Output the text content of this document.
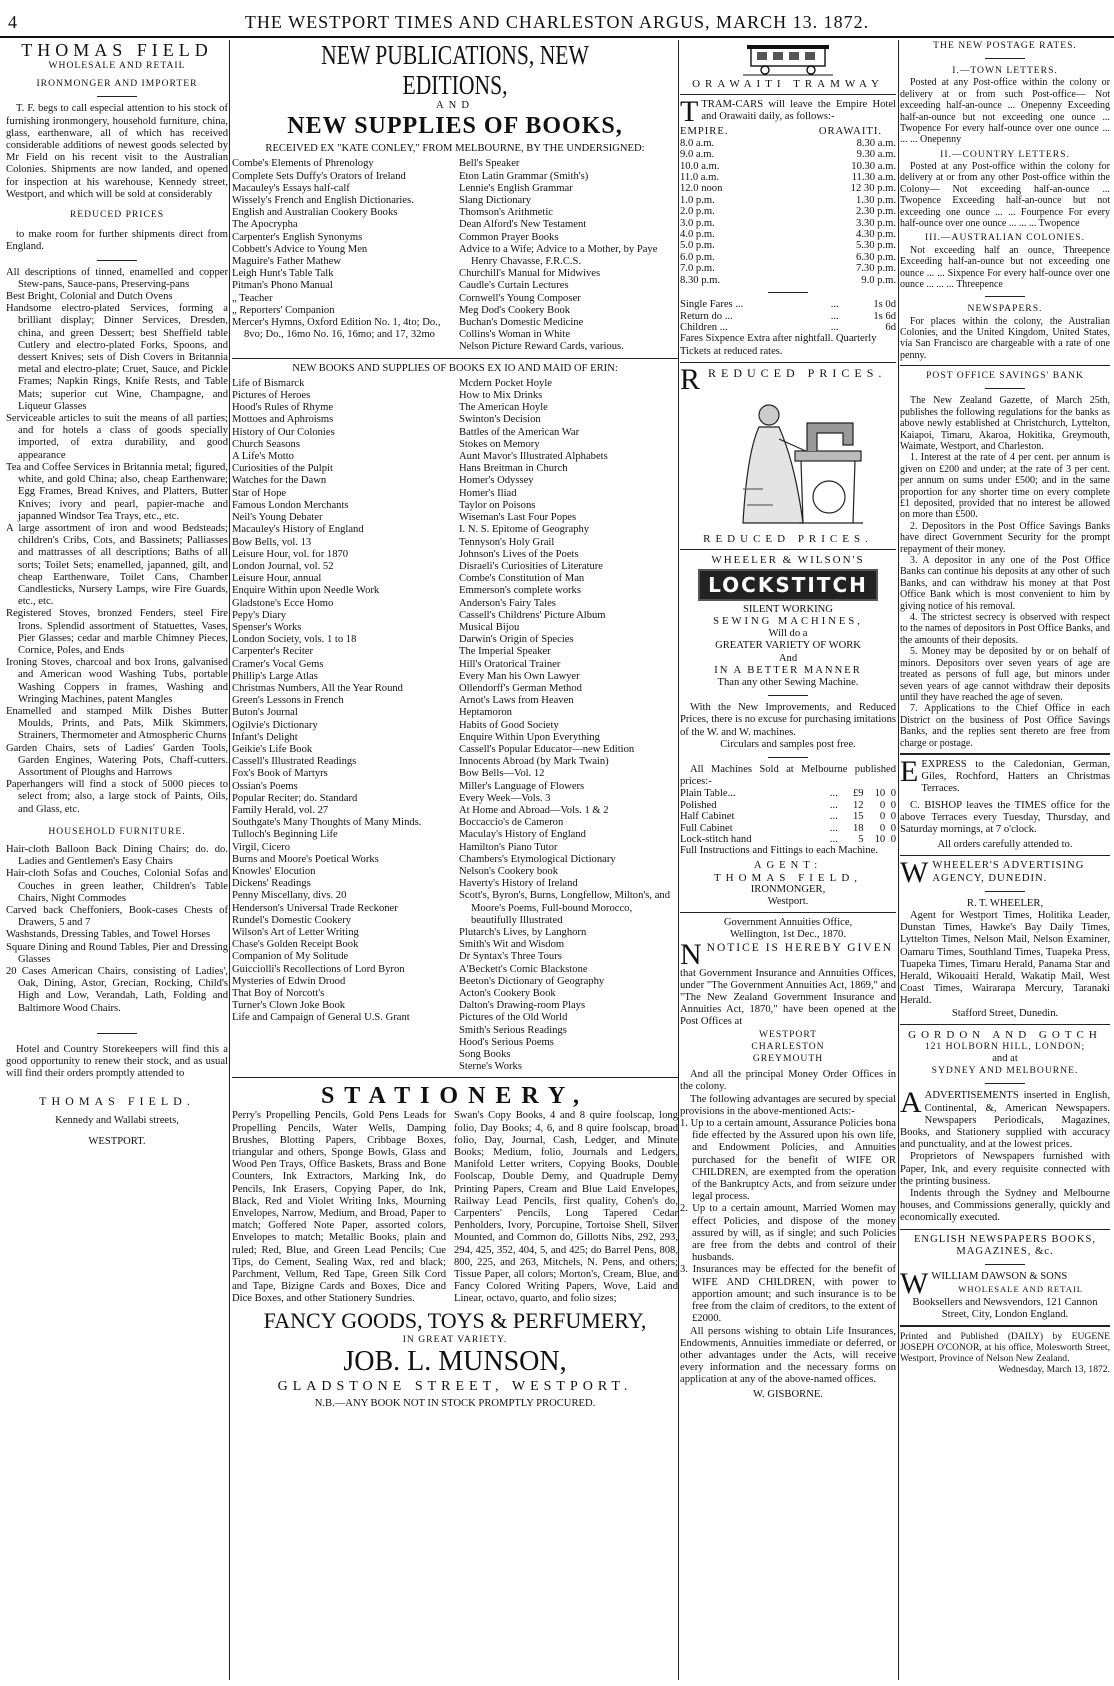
4	THE WESTPORT TIMES AND CHARLESTON ARGUS, MARCH 13. 1872.

THOMAS FIELD

WHOLESALE AND RETAIL

IRONMONGER AND IMPORTER

T. F. begs to call especial attention to his stock of furnishing ironmongery, household furniture, china, glass, earthenware, all of which has received considerable additions of newest goods selected by Mr Field on his recent visit to the Australian Colonies. Shipments are now landed, and opened for inspection at his warehouse, Kennedy street, Westport, and which will be sold at considerably

REDUCED PRICES

to make room for further shipments direct from England.

All descriptions of tinned, enamelled and copper Stew-pans, Sauce-pans, Preserving-pans

Best Bright, Colonial and Dutch Ovens

Handsome electro-plated Services, forming a brilliant display; Dinner Services, Dresden, china, and green Dessert; best Sheffield table Cutlery and electro-plated Forks, Spoons, and dessert Knives; sets of Dish Covers in Britannia metal and electro-plate; Cruet, Sauce, and Pickle Frames; Napkin Rings, Knife Rests, and Table Mats; superior cut Wine, Champagne, and Liqueur Glasses

Serviceable articles to suit the means of all parties; and for hotels a class of goods specially imported, of extra durability, and good appearance

Tea and Coffee Services in Britannia metal; figured, white, and gold China; also, cheap Earthenware; Egg Frames, Bread Knives, and Platters, Butter Knives; ivory and pearl, papier-mache and japanned Windsor Tea Trays, etc., etc.

A large assortment of iron and wood Bedsteads; children's Cribs, Cots, and Bassinets; Palliasses and mattrasses of all descriptions; Baths of all sorts; Toilet Sets; enamelled, japanned, gilt, and cheap Earthenware, Toilet Cans, Chamber Candlesticks, Nursery Lamps, wire Fire Guards, etc., etc.

Registered Stoves, bronzed Fenders, steel Fire Irons. Splendid assortment of Statuettes, Vases, Pier Glasses; cedar and marble Chimney Pieces, Cornice, Poles, and Ends

Ironing Stoves, charcoal and box Irons, galvanised and American wood Washing Tubs, portable Washing Coppers in frames, Washing and Wringing Machines, patent Mangles

Enamelled and stamped Milk Dishes Butter Moulds, Prints, and Pats, Milk Skimmers, Strainers, Thermometer and Atmospheric Churns

Garden Chairs, sets of Ladies' Garden Tools, Garden Engines, Watering Pots, Chaff-cutters. Assortment of Ploughs and Harrows

Paperhangers will find a stock of 5000 pieces to select from; also, a large stock of Paints, Oils, and Glass, etc.

HOUSEHOLD FURNITURE.

Hair-cloth Balloon Back Dining Chairs; do. do. Ladies and Gentlemen's Easy Chairs

Hair-cloth Sofas and Couches, Colonial Sofas and Couches in green leather, Children's Table Chairs, Night Commodes

Carved back Cheffoniers, Book-cases Chests of Drawers, 5 and 7

Washstands, Dressing Tables, and Towel Horses

Square Dining and Round Tables, Pier and Dressing Glasses

20 Cases American Chairs, consisting of Ladies', Oak, Dining, Astor, Grecian, Rocking, Child's High and Low, Verandah, Lath, Folding and Baltimore Wood Chairs.

Hotel and Country Storekeepers will find this a good opportunity to renew their stock, and as usual will find their orders promptly attended to

THOMAS FIELD.

Kennedy and Wallabi streets,

WESTPORT.

NEW PUBLICATIONS, NEW EDITIONS,

AND

NEW SUPPLIES OF BOOKS,

RECEIVED EX "KATE CONLEY," FROM MELBOURNE, BY THE UNDERSIGNED:

Combe's Elements of Phrenology

Complete Sets Duffy's Orators of Ireland

Macauley's Essays half-calf

Wissely's French and English Dictionaries.

English and Australian Cookery Books

The Apocrypha

Carpenter's English Synonyms

Cobbett's Advice to Young Men

Maguire's Father Mathew

Leigh Hunt's Table Talk

Pitman's Phono Manual

„ Teacher

„ Reporters' Companion

Mercer's Hymns, Oxford Edition No. 1, 4to; Do., 8vo; Do., 16mo No. 16, 16mo; and 17, 32mo

Bell's Speaker

Eton Latin Grammar (Smith's)

Lennie's English Grammar

Slang Dictionary

Thomson's Arithmetic

Dean Alford's New Testament

Common Prayer Books

Advice to a Wife; Advice to a Mother, by Paye Henry Chavasse, F.R.C.S.

Churchill's Manual for Midwives

Caudle's Curtain Lectures

Cornwell's Young Composer

Meg Dod's Cookery Book

Buchan's Domestic Medicine

Collins's Woman in White

Nelson Picture Reward Cards, various.

NEW BOOKS AND SUPPLIES OF BOOKS EX IO AND MAID OF ERIN:

Life of Bismarck

Pictures of Heroes

Hood's Rules of Rhyme

Mottoes and Aphroisms

History of Our Colonies

Church Seasons

A Life's Motto

Curiosities of the Pulpit

Watches for the Dawn

Star of Hope

Famous London Merchants

Neil's Young Debater

Macauley's History of England

Bow Bells, vol. 13

Leisure Hour, vol. for 1870

London Journal, vol. 52

Leisure Hour, annual

Enquire Within upon Needle Work

Gladstone's Ecce Homo

Pepy's Diary

Spenser's Works

London Society, vols. 1 to 18

Carpenter's Reciter

Cramer's Vocal Gems

Phillip's Large Atlas

Christmas Numbers, All the Year Round

Green's Lessons in French

Buton's Journal

Ogilvie's Dictionary

Infant's Delight

Geikie's Life Book

Cassell's Illustrated Readings

Fox's Book of Martyrs

Ossian's Poems

Popular Reciter; do. Standard

Family Herald, vol. 27

Southgate's Many Thoughts of Many Minds.

Tulloch's Beginning Life

Virgil, Cicero

Burns and Moore's Poetical Works

Knowles' Elocution

Dickens' Readings

Penny Miscellany, divs. 20

Henderson's Universal Trade Reckoner

Rundel's Domestic Cookery

Wilson's Art of Letter Writing

Chase's Golden Receipt Book

Companion of My Solitude

Guicciolli's Recollections of Lord Byron

Mysteries of Edwin Drood

That Boy of Norcott's

Turner's Clown Joke Book

Life and Campaign of General U.S. Grant

Mcdern Pocket Hoyle

How to Mix Drinks

The American Hoyle

Swinton's Decision

Battles of the American War

Stokes on Memory

Aunt Mavor's Illustrated Alphabets

Hans Breitman in Church

Homer's Odyssey

Homer's Iliad

Taylor on Poisons

Wiseman's Last Four Popes

I. N. S. Epitome of Geography

Tennyson's Holy Grail

Johnson's Lives of the Poets

Disraeli's Curiosities of Literature

Combe's Constitution of Man

Emmerson's complete works

Anderson's Fairy Tales

Cassell's Childrens' Picture Album

Musical Bijou

Darwin's Origin of Species

The Imperial Speaker

Hill's Oratorical Trainer

Every Man his Own Lawyer

Ollendorff's German Method

Arnot's Laws from Heaven

Heptamoron

Habits of Good Society

Enquire Within Upon Everything

Cassell's Popular Educator—new Edition

Innocents Abroad (by Mark Twain)

Bow Bells—Vol. 12

Miller's Language of Flowers

Every Week—Vols. 3

At Home and Abroad—Vols. 1 & 2

Boccaccio's de Cameron

Maculay's History of England

Hamilton's Piano Tutor

Chambers's Etymological Dictionary

Nelson's Cookery book

Haverty's History of Ireland

Scott's, Byron's, Burns, Longfellow, Milton's, and Moore's Poems, Full-bound Morocco, beautifully Illustrated

Plutarch's Lives, by Langhorn

Smith's Wit and Wisdom

Dr Syntax's Three Tours

A'Beckett's Comic Blackstone

Beeton's Dictionary of Geography

Acton's Cookery Book

Dalton's Drawing-room Plays

Pictures of the Old World

Smith's Serious Readings

Hood's Serious Poems

Song Books

Sterne's Works

STATIONERY,

Perry's Propelling Pencils, Gold Pens Leads for Propelling Pencils, Water Wells, Damping Brushes, Blotting Papers, Cribbage Boxes, triangular and others, Sponge Bowls, Glass and Wood Pen Trays, Office Baskets, Brass and Bone Counters, Ink Extractors, Marking Ink, do Pencils, Ink Erasers, Copying Paper, do Ink, Black, Red and Violet Writing Inks, Mourning Envelopes, Narrow, Medium, and Broad, Paper to match; Goffered Note Paper, assorted colors, Envelopes to match; Metallic Books, plain and ruled; Red, Blue, and Green Lead Pencils; Cue Tips, do Cement, Sealing Wax, red and black; Parchment, Vellum, Red Tape, Green Silk Cord and Tape, Bizigne Cards and Boxes, Dice and Dice Boxes, and other Stationery Sundries.

Swan's Copy Books, 4 and 8 quire foolscap, long folio, Day Books; 4, 6, and 8 quire foolscap, broad folio, Day, Journal, Cash, Ledger, and Minute Books; Medium, folio, Journals and Ledgers, Manifold Letter writers, Copying Books, Double Foolscap, Double Demy, and Quadruple Demy Printing Papers, Cream and Blue Laid Envelopes, Railway Lead Pencils, first quality, Cohen's do, Carpenters' Pencils, Long Tapered Cedar Penholders, Ivory, Porcupine, Tortoise Shell, Silver Mounted, and Common do, Gillotts Nibs, 292, 293, 294, 425, 352, 404, 5, and 425; do Barrel Pens, 808, 800, 225, and 263, Mitchels, N. Pens, and others; Tissue Paper, all colors; Morton's, Cream, Blue, and Fancy Colored Writing Papers, Wove, Laid and Linear, octavo, quarto, and folio sizes;

FANCY GOODS, TOYS & PERFUMERY,

IN GREAT VARIETY.

JOB. L. MUNSON,

GLADSTONE STREET, WESTPORT.

N.B.—ANY BOOK NOT IN STOCK PROMPTLY PROCURED.

ORAWAITI TRAMWAY

TTRAM-CARS will leave the Empire Hotel and Orawaiti daily, as follows:-

EMPIRE.	ORAWAITI.
8.0 a.m.	8.30 a.m.
9.0 a.m.	9.30 a.m.
10.0 a.m.	10.30 a.m.
11.0 a.m.	11.30 a.m.
12.0 noon	12 30 p.m.
1.0 p.m.	1.30 p.m.
2.0 p.m.	2.30 p.m.
3.0 p.m.	3.30 p.m.
4.0 p.m.	4.30 p.m.
5.0 p.m.	5.30 p.m.
6.0 p.m.	6.30 p.m.
7.0 p.m.	7.30 p.m.
8.30 p.m.	9.0 p.m.
Single Fares ...	...	1s 0d
Return do ...	...	1s 6d
Children ...	...	6d

Fares Sixpence Extra after nightfall. Quarterly Tickets at reduced rates.

RREDUCED PRICES.

REDUCED PRICES.

WHEELER & WILSON'S

LOCKSTITCH

SILENT WORKING

SEWING MACHINES,

Will do a

GREATER VARIETY OF WORK

And

IN A BETTER MANNER

Than any other Sewing Machine.

With the New Improvements, and Reduced Prices, there is no excuse for purchasing imitations of the W. and W. machines.

Circulars and samples post free.

All Machines Sold at Melbourne published prices:-

Plain Table...	...	£9	10	0
Polished	...	12	0	0
Half Cabinet	...	15	0	0
Full Cabinet	...	18	0	0
Lock-stitch hand	...	5	10	0

Full Instructions and Fittings to each Machine.

AGENT:

THOMAS FIELD,

IRONMONGER,

Westport.

Government Annuities Office,

Wellington, 1st Dec., 1870.

NNOTICE IS HEREBY GIVEN

that Government Insurance and Annuities Offices, under "The Government Annuities Act, 1869," and "The New Zealand Government Insurance and Annuities Act, 1870," have been opened at the Post Offices at

WESTPORT

CHARLESTON

GREYMOUTH

And all the principal Money Order Offices in the colony.

The following advantages are secured by special provisions in the above-mentioned Acts:-

1. Up to a certain amount, Assurance Policies bona fide effected by the Assured upon his own life, and Endowment Policies, and Annuities purchased for the benefit of WIFE OR CHILDREN, are exempted from the operation of the Bankruptcy Acts, and from seizure under legal process.

2. Up to a certain amount, Married Women may effect Policies, and dispose of the money assured by will, as if single; and such Policies are free from the debts and control of their husbands.

3. Insurances may be effected for the benefit of WIFE AND CHILDREN, with power to apportion amount; and such insurance is to be free from the claim of creditors, to the extent of £2000.

All persons wishing to obtain Life Insurances, Endowments, Annuities immediate or deferred, or other advantages under the Acts, will receive every information and the necessary forms on application at any of the above-named offices.

W. GISBORNE.

THE NEW POSTAGE RATES.

I.—TOWN LETTERS.

Posted at any Post-office within the colony or delivery at or from such Post-office— Not exceeding half-an-ounce ... Onepenny Exceeding half-an-ounce but not exceeding one ounce ... Twopence For every half-ounce over one ounce ... ... ... Onepenny

II.—COUNTRY LETTERS.

Posted at any Post-office within the colony for delivery at or from any other Post-office within the Colony— Not exceeding half-an-ounce ... Twopence Exceeding half-an-ounce but not exceeding one ounce ... ... Fourpence For every half-ounce over one ounce ... ... ... Twopence

III.—AUSTRALIAN COLONIES.

Not exceeding half an ounce, Threepence Exceeding half-an-ounce but not exceeding one ounce ... ... Sixpence For every half-ounce over one ounce ... ... ... Threepence

NEWSPAPERS.

For places within the colony, the Australian Colonies, and the United Kingdom, United States, via San Francisco are chargeable with a rate of one penny.

POST OFFICE SAVINGS' BANK

The New Zealand Gazette, of March 25th, publishes the following regulations for the banks as above newly established at Christchurch, Lyttelton, Kaiapoi, Timaru, Akaroa, Hokitika, Greymouth, Waimate, Westport, and Charleston.

1. Interest at the rate of 4 per cent. per annum is given on £200 and under; at the rate of 3 per cent. per annum on sums under £500; and in the same proportion for any shorter time on every complete £1 deposited, provided that no interest be allowed on more than £500.

2. Depositors in the Post Office Savings Banks have direct Government Security for the prompt repayment of their money.

3. A depositor in any one of the Post Office Banks can continue his deposits at any other of such Banks, and can withdraw his money at that Post Office Bank which is most convenient to him by giving notice of his removal.

4. The strictest secrecy is observed with respect to the names of depositors in Post Office Banks, and the amounts of their deposits.

5. Money may be deposited by or on behalf of minors. Depositors over seven years of age are treated as persons of full age, but minors under seven years of age cannot withdraw their deposits until they have reached the age of seven.

7. Applications to the Chief Office in each District on the business of Post Office Savings Banks, and the replies sent thereto are free from charge or postage.

EEXPRESS to the Caledonian, German, Giles, Rochford, Hatters an Christmas Terraces.

C. BISHOP leaves the TIMES office for the above Terraces every Tuesday, Thursday, and Saturday mornings, at 7 o'clock.

All orders carefully attended to.

WWHEELER'S ADVERTISING AGENCY, DUNEDIN.

R. T. WHEELER,

Agent for Westport Times, Holitika Leader, Dunstan Times, Hawke's Bay Daily Times, Lyttelton Times, Nelson Mail, Nelson Examiner, Oamaru Times, Southland Times, Tuapeka Press, Tuapeka Times, Timaru Herald, Panama Star and Herald, Wikouaiti Herald, Wakatip Mail, West Coast Times, Wairarapa Mercury, Taranaki Herald.

Stafford Street, Dunedin.

GORDON AND GOTCH

121 HOLBORN HILL, LONDON;

and at

SYDNEY AND MELBOURNE.

AADVERTISEMENTS inserted in English, Continental, &, American Newspapers. Newspapers Periodicals, Magazines, Books, and Stationery supplied with accuracy and punctuality, and at the lowest prices.

Proprietors of Newspapers furnished with Paper, Ink, and every requisite connected with the printing business.

Indents through the Sydney and Melbourne houses, and Commissions generally, quickly and economically executed.

ENGLISH NEWSPAPERS BOOKS, MAGAZINES, &c.

WWILLIAM DAWSON & SONS

WHOLESALE AND RETAIL

Booksellers and Newsvendors, 121 Cannon Street, City, London England.

Printed and Published (DAILY) by EUGENE JOSEPH O'CONOR, at his office, Molesworth Street, Westport, Province of Nelson New Zealand.

Wednesday, March 13, 1872.
